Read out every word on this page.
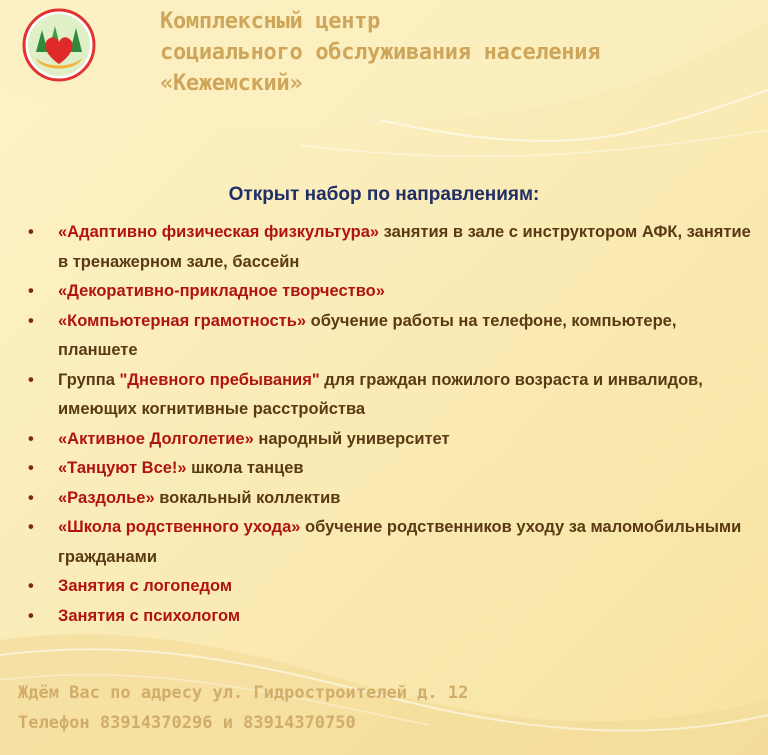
Комплексный центр
социального обслуживания населения
«Кежемский»
Открыт набор по направлениям:
• «Адаптивно физическая физкультура» занятия в зале с инструктором АФК, занятие в тренажерном зале, бассейн
• «Декоративно-прикладное творчество»
• «Компьютерная грамотность» обучение работы на телефоне, компьютере, планшете
• Группа "Дневного пребывания" для граждан пожилого возраста и инвалидов, имеющих когнитивные расстройства
• «Активное Долголетие» народный университет
• «Танцуют Все!» школа танцев
• «Раздолье» вокальный коллектив
• «Школа родственного ухода» обучение родственников уходу за маломобильными гражданами
• Занятия с логопедом
• Занятия с психологом
Ждём Вас по адресу ул. Гидростроителей д. 12
Телефон 83914370296 и 83914370750
